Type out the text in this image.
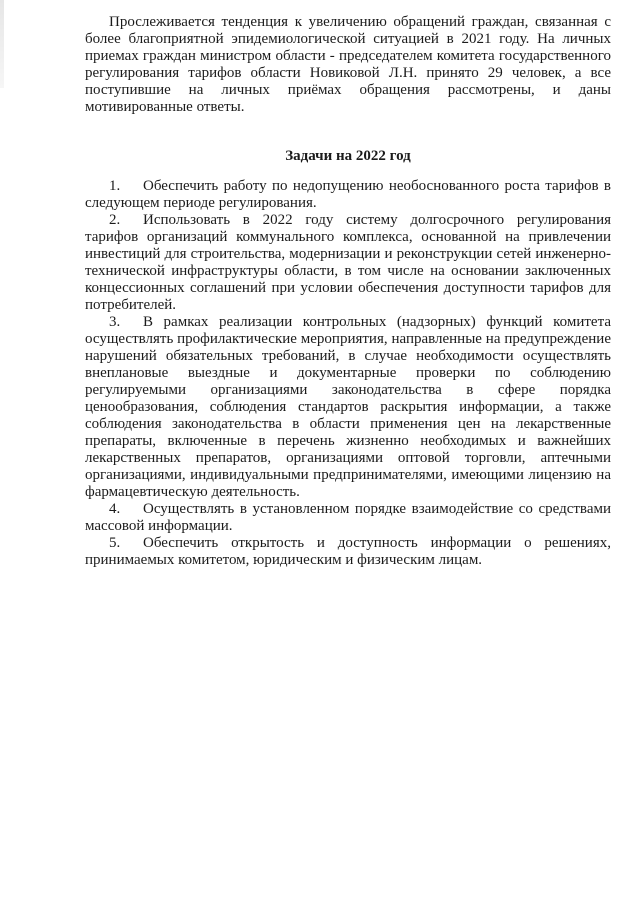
Прослеживается тенденция к увеличению обращений граждан, связанная с более благоприятной эпидемиологической ситуацией в 2021 году. На личных приемах граждан министром области - председателем комитета государственного регулирования тарифов области Новиковой Л.Н. принято 29 человек, а все поступившие на личных приёмах обращения рассмотрены, и даны мотивированные ответы.

Задачи на 2022 год
1. Обеспечить работу по недопущению необоснованного роста тарифов в следующем периоде регулирования.
2. Использовать в 2022 году систему долгосрочного регулирования тарифов организаций коммунального комплекса, основанной на привлечении инвестиций для строительства, модернизации и реконструкции сетей инженерно-технической инфраструктуры области, в том числе на основании заключенных концессионных соглашений при условии обеспечения доступности тарифов для потребителей.
3. В рамках реализации контрольных (надзорных) функций комитета осуществлять профилактические мероприятия, направленные на предупреждение нарушений обязательных требований, в случае необходимости осуществлять внеплановые выездные и документарные проверки по соблюдению регулируемыми организациями законодательства в сфере порядка ценообразования, соблюдения стандартов раскрытия информации, а также соблюдения законодательства в области применения цен на лекарственные препараты, включенные в перечень жизненно необходимых и важнейших лекарственных препаратов, организациями оптовой торговли, аптечными организациями, индивидуальными предпринимателями, имеющими лицензию на фармацевтическую деятельность.
4. Осуществлять в установленном порядке взаимодействие со средствами массовой информации.
5. Обеспечить открытость и доступность информации о решениях, принимаемых комитетом, юридическим и физическим лицам.
